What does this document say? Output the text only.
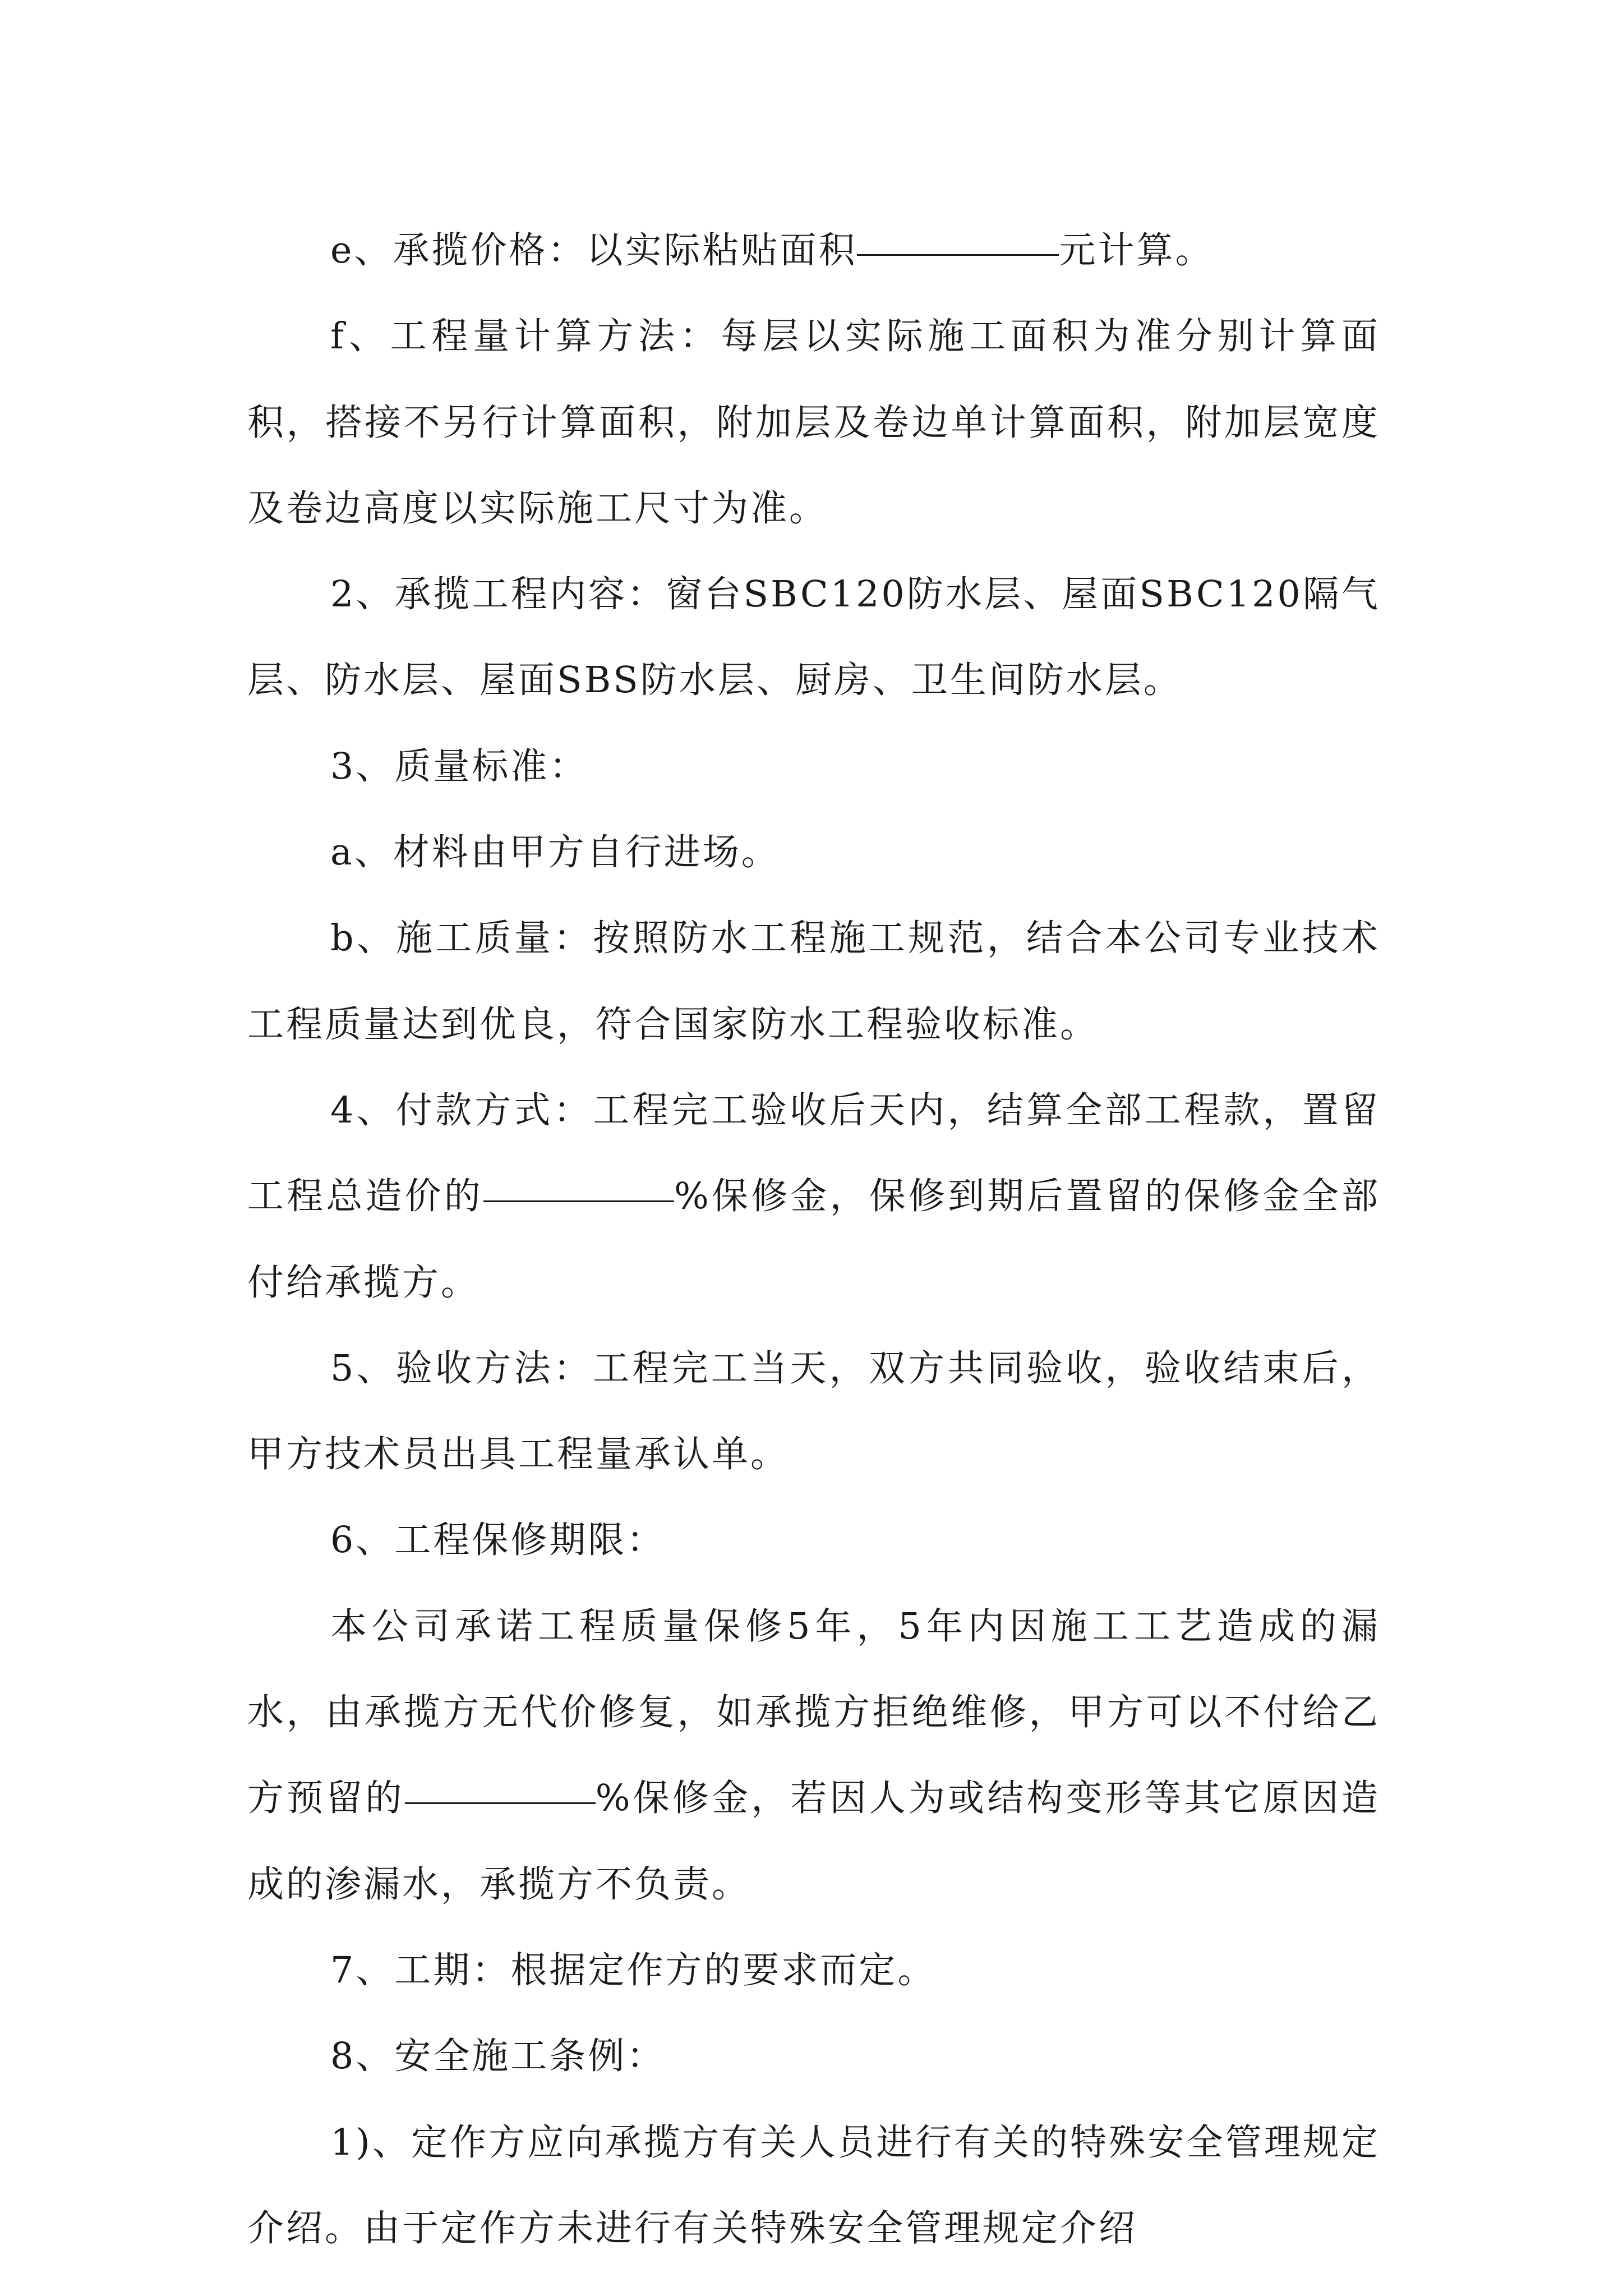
e、承揽价格：以实际粘贴面积	元计算。

f、工程量计算方法：每层以实际施工面积为准分别计算面积，搭接不另行计算面积，附加层及卷边单计算面积，附加层宽度及卷边高度以实际施工尺寸为准。

2、承揽工程内容：窗台SBC120防水层、屋面SBC120隔气层、防水层、屋面SBS防水层、厨房、卫生间防水层。

3、质量标准：

a、材料由甲方自行进场。

b、施工质量：按照防水工程施工规范，结合本公司专业技术工程质量达到优良，符合国家防水工程验收标准。

4、付款方式：工程完工验收后天内，结算全部工程款，置留工程总造价的	%保修金，保修到期后置留的保修金全部付给承揽方。

5、验收方法：工程完工当天，双方共同验收，验收结束后，甲方技术员出具工程量承认单。

6、工程保修期限：

本公司承诺工程质量保修5年，5年内因施工工艺造成的漏水，由承揽方无代价修复，如承揽方拒绝维修，甲方可以不付给乙方预留的	%保修金，若因人为或结构变形等其它原因造成的渗漏水，承揽方不负责。

7、工期：根据定作方的要求而定。

8、安全施工条例：

1)、定作方应向承揽方有关人员进行有关的特殊安全管理规定介绍。由于定作方未进行有关特殊安全管理规定介绍
